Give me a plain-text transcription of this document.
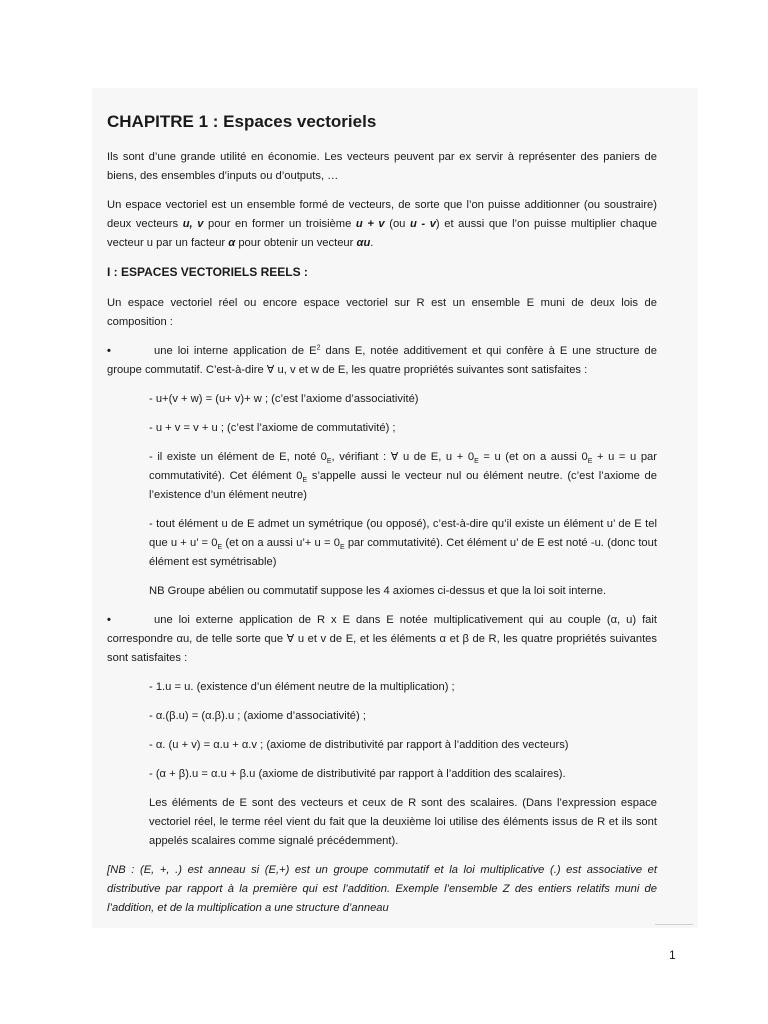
CHAPITRE 1 : Espaces vectoriels

Ils sont d’une grande utilité en économie. Les vecteurs peuvent par ex servir à représenter des paniers de biens, des ensembles d’inputs ou d’outputs, …

Un espace vectoriel est un ensemble formé de vecteurs, de sorte que l’on puisse additionner (ou soustraire) deux vecteurs u, v pour en former un troisième u + v (ou u - v) et aussi que l’on puisse multiplier chaque vecteur u par un facteur α pour obtenir un vecteur αu.

I : ESPACES VECTORIELS REELS :

Un espace vectoriel réel ou encore espace vectoriel sur R est un ensemble E muni de deux lois de composition :

•	une loi interne application de $E^2$ dans E, notée additivement et qui confère à E une structure de groupe commutatif. C’est-à-dire ∀ u, v et w de E, les quatre propriétés suivantes sont satisfaites :

- u+(v + w) = (u+ v)+ w ; (c’est l’axiome d’associativité)

- u + v = v + u ; (c’est l’axiome de commutativité) ;

- il existe un élément de E, noté $0_E$, vérifiant : ∀ u de E, $u + 0_E = u$ (et on a aussi $0_E + u = u$ par commutativité). Cet élément $0_E$ s’appelle aussi le vecteur nul ou élément neutre. (c’est l’axiome de l’existence d’un élément neutre)

- tout élément u de E admet un symétrique (ou opposé), c’est-à-dire qu’il existe un élément u’ de E tel que u + u’ = $0_E$ (et on a aussi u’+ $u = 0_E$ par commutativité). Cet élément u’ de E est noté -u. (donc tout élément est symétrisable)

NB Groupe abélien ou commutatif suppose les 4 axiomes ci-dessus et que la loi soit interne.

•	une loi externe application de R x E dans E notée multiplicativement qui au couple (α, u) fait correspondre αu, de telle sorte que ∀ u et v de E, et les éléments α et β de R, les quatre propriétés suivantes sont satisfaites :

- 1.u = u. (existence d’un élément neutre de la multiplication) ;

- α.(β.u) = (α.β).u ; (axiome d’associativité) ;

- α. (u + v) = α.u + α.v ; (axiome de distributivité par rapport à l’addition des vecteurs)

- (α + β).u = α.u + β.u (axiome de distributivité par rapport à l’addition des scalaires).

Les éléments de E sont des vecteurs et ceux de R sont des scalaires. (Dans l’expression espace vectoriel réel, le terme réel vient du fait que la deuxième loi utilise des éléments issus de R et ils sont appelés scalaires comme signalé précédemment).

[NB : (E, +, .) est anneau si (E,+) est un groupe commutatif et la loi multiplicative (.) est associative et distributive par rapport à la première qui est l’addition. Exemple l’ensemble Z des entiers relatifs muni de l’addition, et de la multiplication a une structure d’anneau

1
